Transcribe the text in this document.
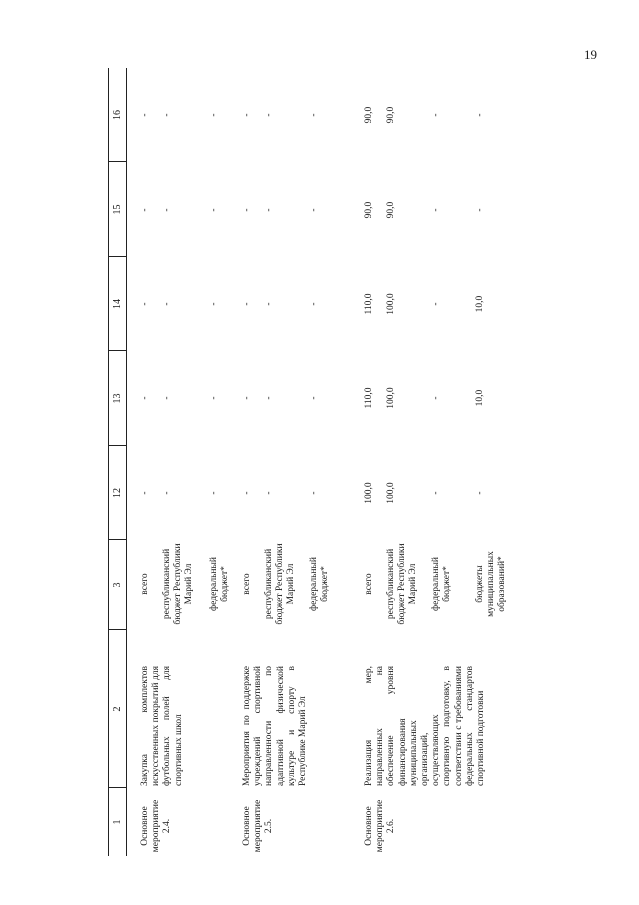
19
1
2
3
12
13
14
15
16
Основное мероприятие 2.4.
Закупка комплектов искусственных покрытий для футбольных полей для спортивных школ
всего
-
-
-
-
-
республиканский бюджет Республики Марий Эл
-
-
-
-
-
федеральный бюджет*
-
-
-
-
-
Основное мероприятие 2.5.
Мероприятия по поддержке учреждений спортивной направленности по адаптивной физической культуре и спорту в Республике Марий Эл
всего
-
-
-
-
-
республиканский бюджет Республики Марий Эл
-
-
-
-
-
федеральный бюджет*
-
-
-
-
-
Основное мероприятие 2.6.
Реализация мер, направленных на обеспечение уровня финансирования муниципальных организаций, осуществляющих спортивную подготовку, в соответствии с требованиями федеральных стандартов спортивной подготовки
всего
100,0
110,0
110,0
90,0
90,0
республиканский бюджет Республики Марий Эл
100,0
100,0
100,0
90,0
90,0
федеральный бюджет*
-
-
-
-
-
бюджеты муниципальных образований*
-
10,0
10,0
-
-
